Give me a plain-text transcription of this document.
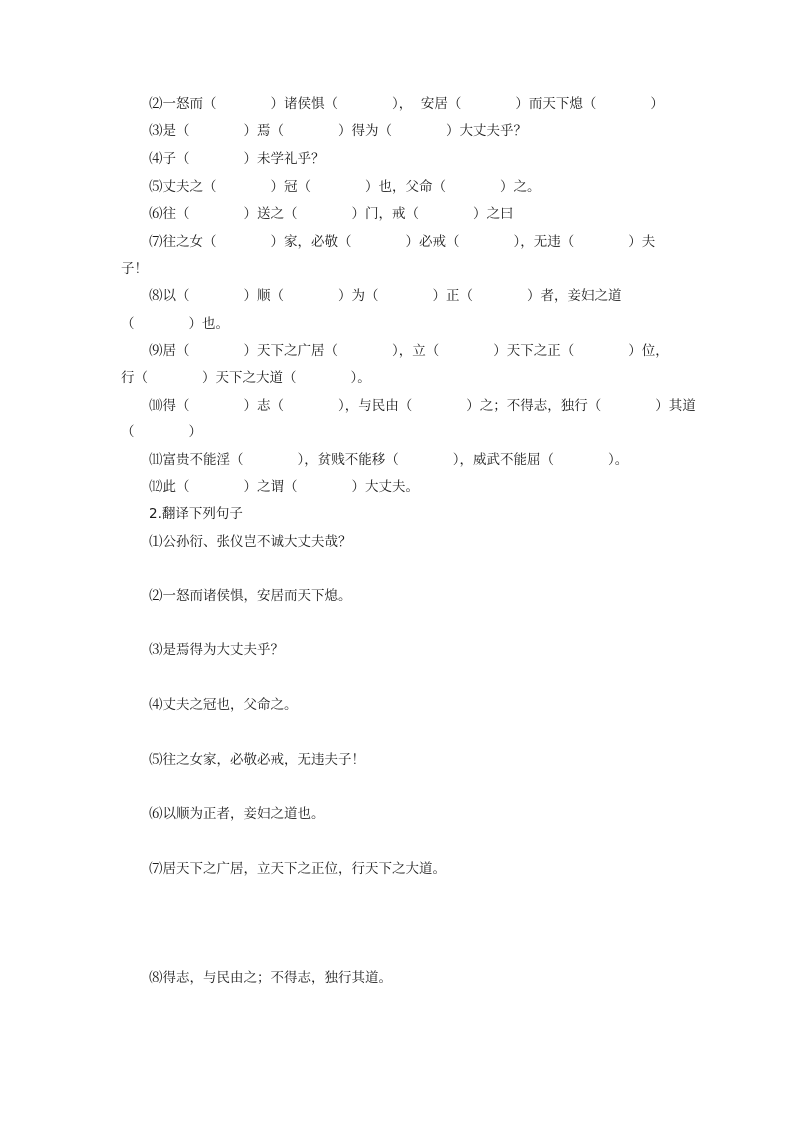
⑵一怒而（　　　　）诸侯惧（　　　　），  安居（　　　　）而天下熄（　　　　）
⑶是（　　　　）焉（　　　　）得为（　　　　）大丈夫乎？
⑷子（　　　　）未学礼乎？
⑸丈夫之（　　　　）冠（　　　　）也，父命（　　　　）之。
⑹往（　　　　）送之（　　　　）门，戒（　　　　）之曰
⑺往之女（　　　　）家，必敬（　　　　）必戒（　　　　），无违（　　　　）夫
子！
⑻以（　　　　）顺（　　　　）为（　　　　）正（　　　　）者，妾妇之道
（　　　　）也。
⑼居（　　　　）天下之广居（　　　　），立（　　　　）天下之正（　　　　）位，
行（　　　　）天下之大道（　　　　）。
⑽得（　　　　）志（　　　　），与民由（　　　　）之；不得志，独行（　　　　）其道
（　　　　）
⑾富贵不能淫（　　　　），贫贱不能移（　　　　），威武不能屈（　　　　）。
⑿此（　　　　）之谓（　　　　）大丈夫。
2.翻译下列句子
⑴公孙衍、张仪岂不诚大丈夫哉？
⑵一怒而诸侯惧，安居而天下熄。
⑶是焉得为大丈夫乎？
⑷丈夫之冠也，父命之。
⑸往之女家，必敬必戒，无违夫子！
⑹以顺为正者，妾妇之道也。
⑺居天下之广居，立天下之正位，行天下之大道。
⑻得志，与民由之；不得志，独行其道。
